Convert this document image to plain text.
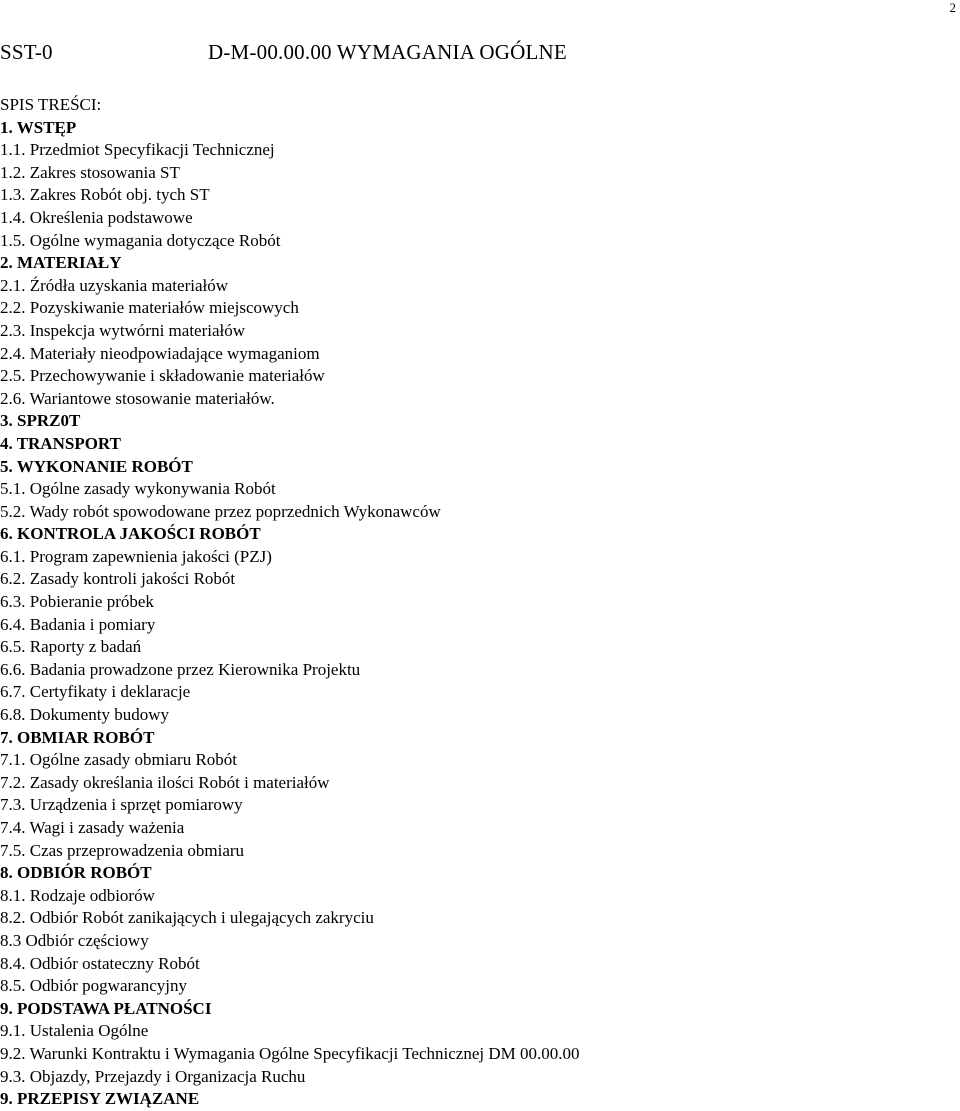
2
SST-0	D-M-00.00.00 WYMAGANIA OGÓLNE
SPIS TREŚCI:
1. WSTĘP
1.1. Przedmiot Specyfikacji Technicznej
1.2. Zakres stosowania ST
1.3. Zakres Robót obj. tych ST
1.4. Określenia podstawowe
1.5. Ogólne wymagania dotyczące Robót
2. MATERIAŁY
2.1. Źródła uzyskania materiałów
2.2. Pozyskiwanie materiałów miejscowych
2.3. Inspekcja wytwórni materiałów
2.4. Materiały nieodpowiadające wymaganiom
2.5. Przechowywanie i składowanie materiałów
2.6. Wariantowe stosowanie materiałów.
3. SPRZ0T
4. TRANSPORT
5. WYKONANIE ROBÓT
5.1. Ogólne zasady wykonywania Robót
5.2. Wady robót spowodowane przez poprzednich Wykonawców
6. KONTROLA JAKOŚCI ROBÓT
6.1. Program zapewnienia jakości (PZJ)
6.2. Zasady kontroli jakości Robót
6.3. Pobieranie próbek
6.4. Badania i pomiary
6.5. Raporty z badań
6.6. Badania prowadzone przez Kierownika Projektu
6.7. Certyfikaty i deklaracje
6.8. Dokumenty budowy
7. OBMIAR ROBÓT
7.1. Ogólne zasady obmiaru Robót
7.2. Zasady określania ilości Robót i materiałów
7.3. Urządzenia i sprzęt pomiarowy
7.4. Wagi i zasady ważenia
7.5. Czas przeprowadzenia obmiaru
8. ODBIÓR ROBÓT
8.1. Rodzaje odbiorów
8.2. Odbiór Robót zanikających i ulegających zakryciu
8.3 Odbiór częściowy
8.4. Odbiór ostateczny Robót
8.5. Odbiór pogwarancyjny
9. PODSTAWA PŁATNOŚCI
9.1. Ustalenia Ogólne
9.2. Warunki Kontraktu i Wymagania Ogólne Specyfikacji Technicznej DM 00.00.00
9.3. Objazdy, Przejazdy i Organizacja Ruchu
9. PRZEPISY ZWIĄZANE
